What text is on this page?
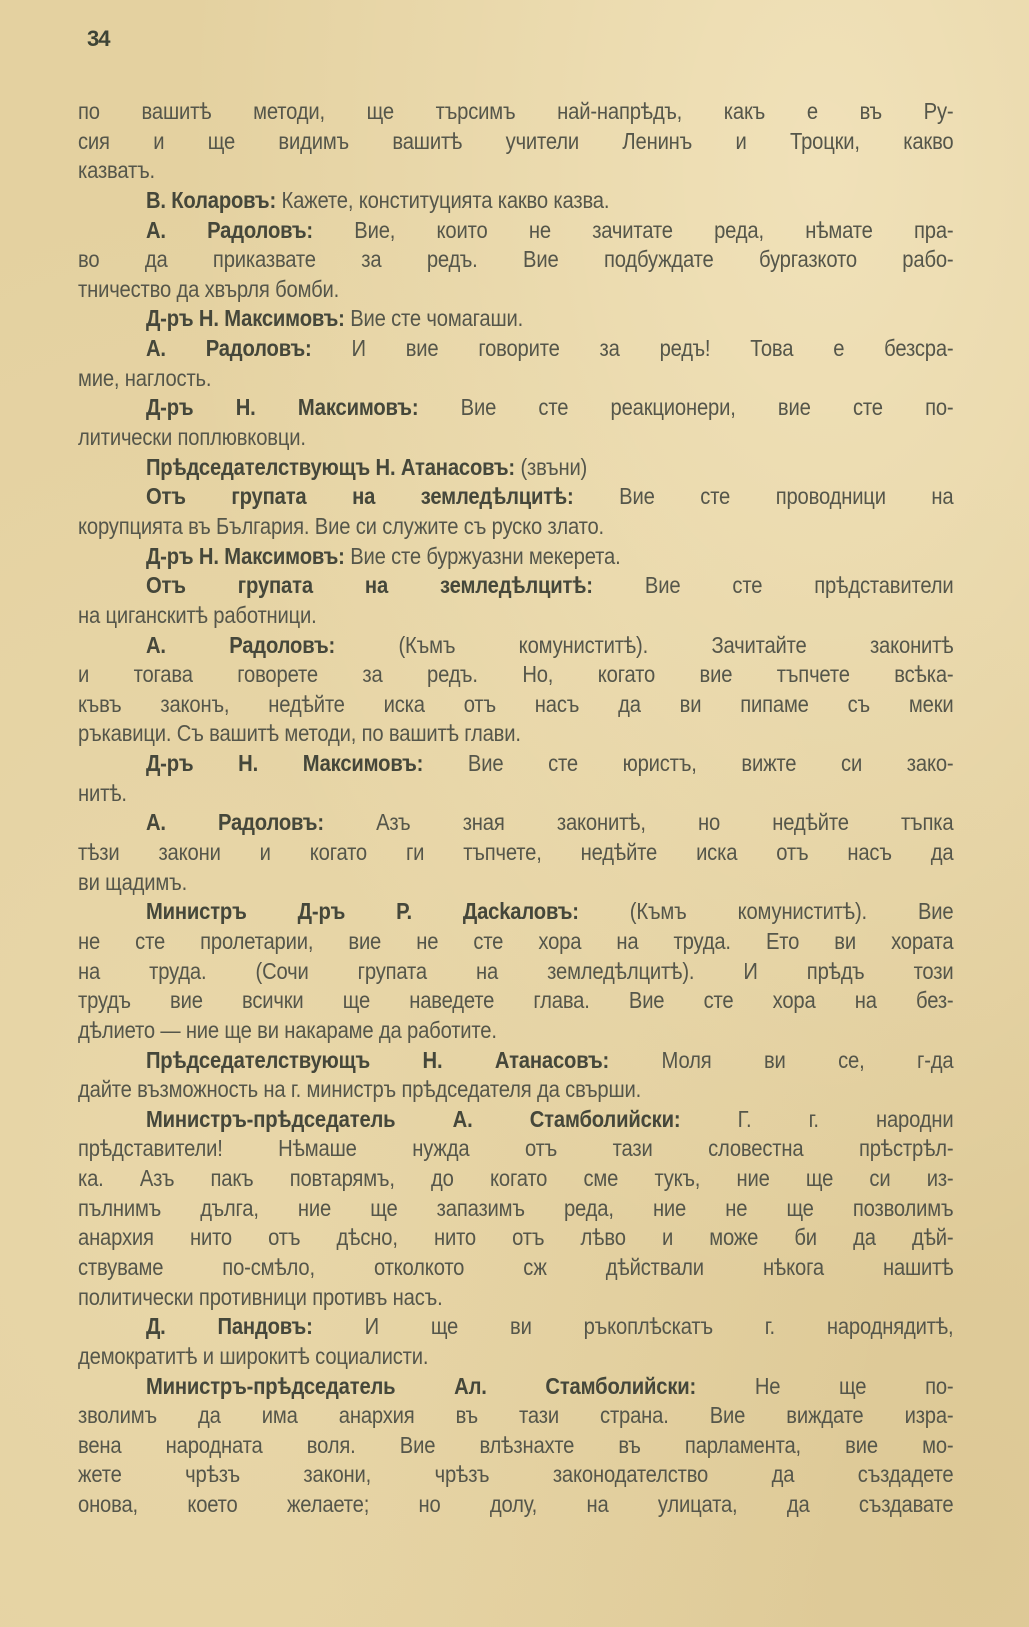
34
по вашитѣ методи, ще търсимъ най-напрѣдъ, какъ е въ Ру-
сия и ще видимъ вашитѣ учители Ленинъ и Троцки, какво
казватъ.
В. Коларовъ: Кажете, конституцията какво казва.
А. Радоловъ: Вие, които не зачитате реда, нѣмате пра-
во да приказвате за редъ. Вие подбуждате бургазкото рабо-
тничество да хвърля бомби.
Д-ръ Н. Максимовъ: Вие сте чомагаши.
А. Радоловъ: И вие говорите за редъ! Това е безсра-
мие, наглость.
Д-ръ Н. Максимовъ: Вие сте реакционери, вие сте по-
литически поплювковци.
Прѣдседателствующъ Н. Атанасовъ: (звъни)
Отъ групата на земледѣлцитѣ: Вие сте проводници на
корупцията въ България. Вие си служите съ руско злато.
Д-ръ Н. Максимовъ: Вие сте буржуазни мекерета.
Отъ групата на земледѣлцитѣ: Вие сте прѣдставители
на циганскитѣ работници.
А. Радоловъ: (Къмъ комуниститѣ). Зачитайте законитѣ
и тогава говорете за редъ. Но, когато вие тъпчете всѣка-
къвъ законъ, недѣйте иска отъ насъ да ви пипаме съ меки
ръкавици. Съ вашитѣ методи, по вашитѣ глави.
Д-ръ Н. Максимовъ: Вие сте юристъ, вижте си зако-
нитѣ.
А. Радоловъ: Азъ зная законитѣ, но недѣйте тъпка
тѣзи закони и когато ги тъпчете, недѣйте иска отъ насъ да
ви щадимъ.
Министръ Д-ръ Р. Дасkаловъ: (Къмъ комуниститѣ). Вие
не сте пролетарии, вие не сте хора на труда. Ето ви хората
на труда. (Сочи групата на земледѣлцитѣ). И прѣдъ този
трудъ вие всички ще наведете глава. Вие сте хора на без-
дѣлието — ние ще ви накараме да работите.
Прѣдседателствующъ Н. Атанасовъ: Моля ви се, г-да
дайте възможность на г. министръ прѣдседателя да свърши.
Министръ-прѣдседатель А. Стамболийски: Г. г. народни
прѣдставители! Нѣмаше нужда отъ тази словестна прѣстрѣл-
ка. Азъ пакъ повтарямъ, до когато сме тукъ, ние ще си из-
пълнимъ дълга, ние ще запазимъ реда, ние не ще позволимъ
анархия нито отъ дѣсно, нито отъ лѣво и може би да дѣй-
ствуваме по-смѣло, отколкото сж дѣйствали нѣкога нашитѣ
политически противници противъ насъ.
Д. Пандовъ: И ще ви ръкоплѣскатъ г. народнядитѣ,
демократитѣ и широкитѣ социалисти.
Министръ-прѣдседатель Ал. Стамболийски: Не ще по-
зволимъ да има анархия въ тази страна. Вие виждате изра-
вена народната воля. Вие влѣзнахте въ парламента, вие мо-
жете чрѣзъ закони, чрѣзъ законодателство да създадете
онова, което желаете; но долу, на улицата, да създавате
